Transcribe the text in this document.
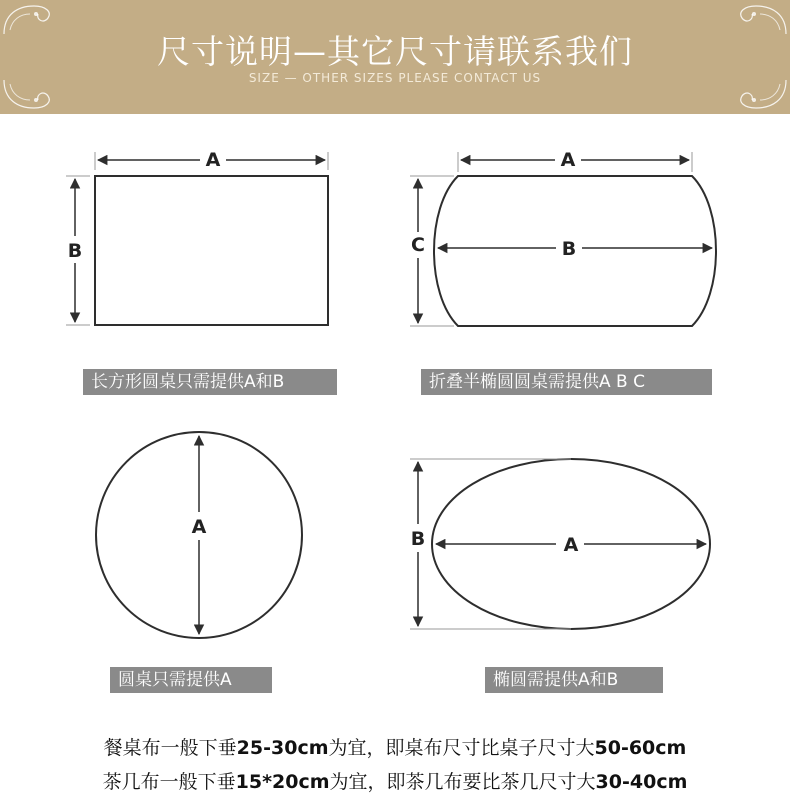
尺寸说明—其它尺寸请联系我们
SIZE — OTHER SIZES PLEASE CONTACT US
A
B
A
B
C
A
A
B
长方形圆桌只需提供A和B	折叠半椭圆圆桌需提供A B C
圆桌只需提供A	椭圆需提供A和B
餐桌布一般下垂25-30cm为宜，即桌布尺寸比桌子尺寸大50-60cm
茶几布一般下垂15*20cm为宜，即茶几布要比茶几尺寸大30-40cm
